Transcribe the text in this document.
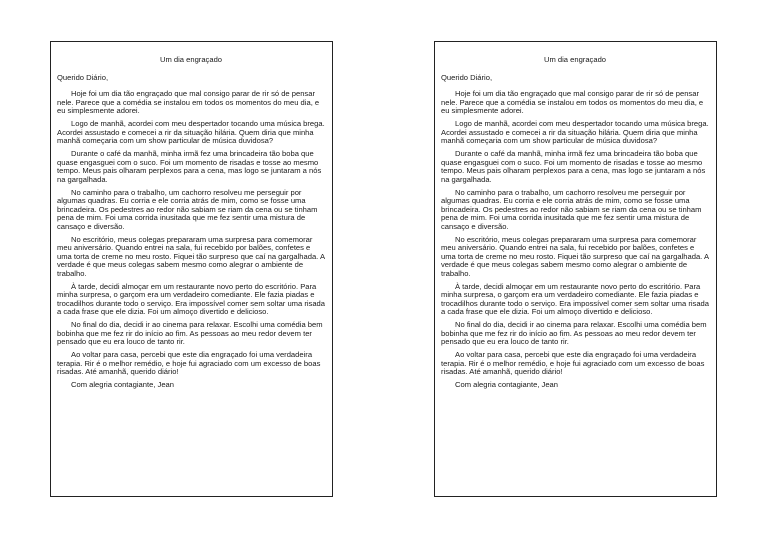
Um dia engraçado
Querido Diário,

Hoje foi um dia tão engraçado que mal consigo parar de rir só de pensar nele. Parece que a comédia se instalou em todos os momentos do meu dia, e eu simplesmente adorei.

Logo de manhã, acordei com meu despertador tocando uma música brega. Acordei assustado e comecei a rir da situação hilária. Quem diria que minha manhã começaria com um show particular de música duvidosa?

Durante o café da manhã, minha irmã fez uma brincadeira tão boba que quase engasguei com o suco. Foi um momento de risadas e tosse ao mesmo tempo. Meus pais olharam perplexos para a cena, mas logo se juntaram a nós na gargalhada.

No caminho para o trabalho, um cachorro resolveu me perseguir por algumas quadras. Eu corria e ele corria atrás de mim, como se fosse uma brincadeira. Os pedestres ao redor não sabiam se riam da cena ou se tinham pena de mim. Foi uma corrida inusitada que me fez sentir uma mistura de cansaço e diversão.

No escritório, meus colegas prepararam uma surpresa para comemorar meu aniversário. Quando entrei na sala, fui recebido por balões, confetes e uma torta de creme no meu rosto. Fiquei tão surpreso que caí na gargalhada. A verdade é que meus colegas sabem mesmo como alegrar o ambiente de trabalho.

À tarde, decidi almoçar em um restaurante novo perto do escritório. Para minha surpresa, o garçom era um verdadeiro comediante. Ele fazia piadas e trocadilhos durante todo o serviço. Era impossível comer sem soltar uma risada a cada frase que ele dizia. Foi um almoço divertido e delicioso.

No final do dia, decidi ir ao cinema para relaxar. Escolhi uma comédia bem bobinha que me fez rir do início ao fim. As pessoas ao meu redor devem ter pensado que eu era louco de tanto rir.

Ao voltar para casa, percebi que este dia engraçado foi uma verdadeira terapia. Rir é o melhor remédio, e hoje fui agraciado com um excesso de boas risadas. Até amanhã, querido diário!

Com alegria contagiante, Jean

Um dia engraçado
Querido Diário,

Hoje foi um dia tão engraçado que mal consigo parar de rir só de pensar nele. Parece que a comédia se instalou em todos os momentos do meu dia, e eu simplesmente adorei.

Logo de manhã, acordei com meu despertador tocando uma música brega. Acordei assustado e comecei a rir da situação hilária. Quem diria que minha manhã começaria com um show particular de música duvidosa?

Durante o café da manhã, minha irmã fez uma brincadeira tão boba que quase engasguei com o suco. Foi um momento de risadas e tosse ao mesmo tempo. Meus pais olharam perplexos para a cena, mas logo se juntaram a nós na gargalhada.

No caminho para o trabalho, um cachorro resolveu me perseguir por algumas quadras. Eu corria e ele corria atrás de mim, como se fosse uma brincadeira. Os pedestres ao redor não sabiam se riam da cena ou se tinham pena de mim. Foi uma corrida inusitada que me fez sentir uma mistura de cansaço e diversão.

No escritório, meus colegas prepararam uma surpresa para comemorar meu aniversário. Quando entrei na sala, fui recebido por balões, confetes e uma torta de creme no meu rosto. Fiquei tão surpreso que caí na gargalhada. A verdade é que meus colegas sabem mesmo como alegrar o ambiente de trabalho.

À tarde, decidi almoçar em um restaurante novo perto do escritório. Para minha surpresa, o garçom era um verdadeiro comediante. Ele fazia piadas e trocadilhos durante todo o serviço. Era impossível comer sem soltar uma risada a cada frase que ele dizia. Foi um almoço divertido e delicioso.

No final do dia, decidi ir ao cinema para relaxar. Escolhi uma comédia bem bobinha que me fez rir do início ao fim. As pessoas ao meu redor devem ter pensado que eu era louco de tanto rir.

Ao voltar para casa, percebi que este dia engraçado foi uma verdadeira terapia. Rir é o melhor remédio, e hoje fui agraciado com um excesso de boas risadas. Até amanhã, querido diário!

Com alegria contagiante, Jean
